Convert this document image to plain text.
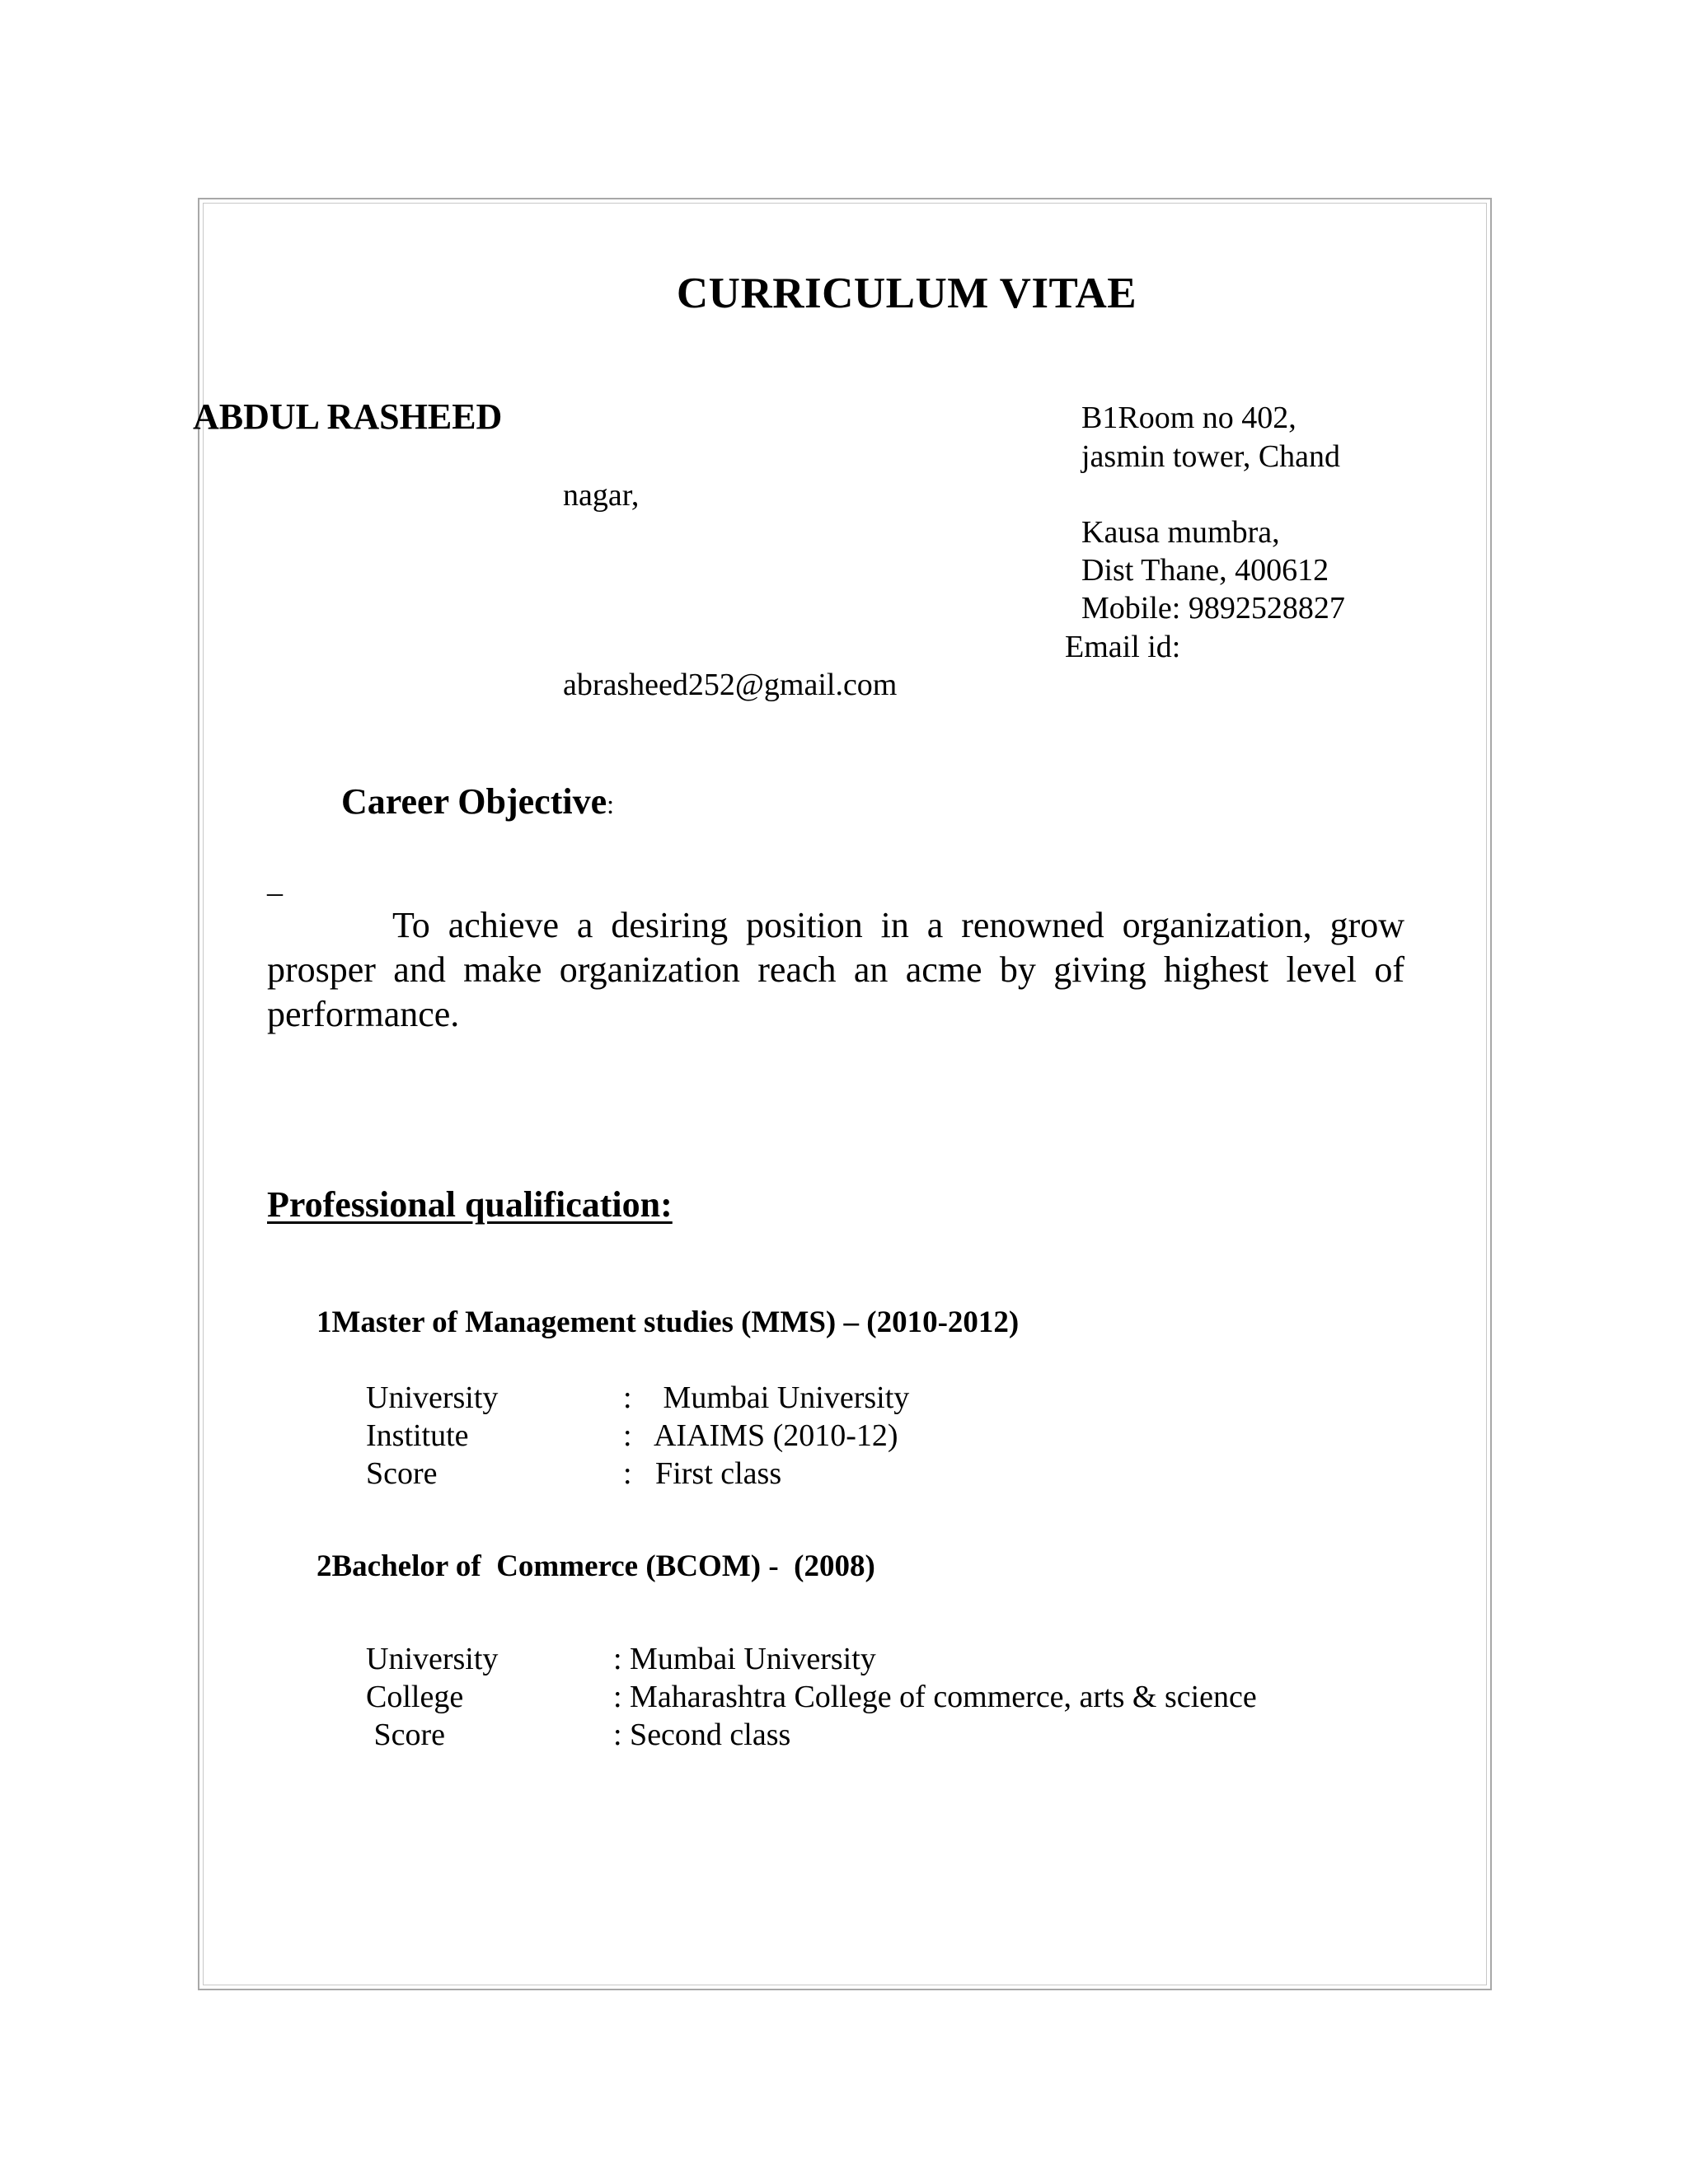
CURRICULUM VITAE
ABDUL RASHEED	B1Room no 402,
jasmin tower, Chand
nagar,
Kausa mumbra,
Dist Thane, 400612
Mobile: 9892528827
Email id:
abrasheed252@gmail.com
Career Objective:
–
To achieve a desiring position in a renowned organization, grow prosper and make organization reach an acme by giving highest level of performance.
Professional qualification:
1Master of Management studies (MMS) – (2010-2012)
University	:    Mumbai University
Institute	:   AIAIMS (2010-12)
Score	:   First class
2Bachelor of  Commerce (BCOM) -  (2008)
University	: Mumbai University
College	: Maharashtra College of commerce, arts & science
Score	: Second class
